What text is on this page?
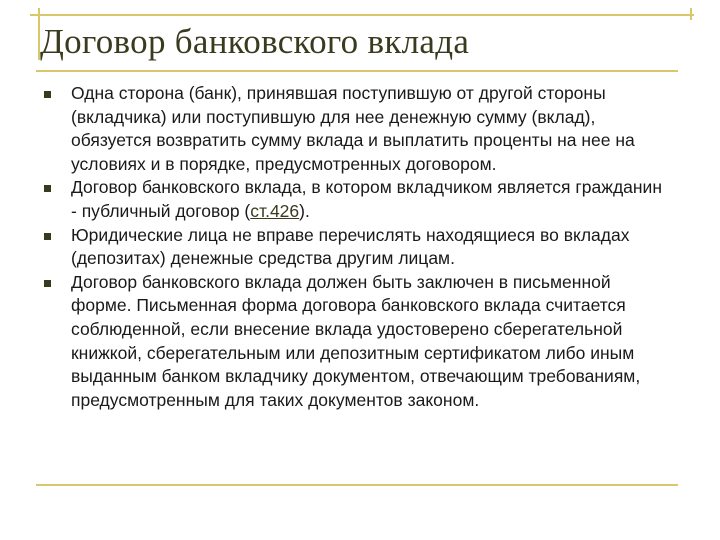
Договор банковского вклада
Одна сторона (банк), принявшая поступившую от другой стороны (вкладчика) или поступившую для нее денежную сумму (вклад), обязуется возвратить сумму вклада и выплатить проценты на нее на условиях и в порядке, предусмотренных договором.
Договор банковского вклада, в котором вкладчиком является гражданин - публичный договор (ст.426).
Юридические лица не вправе перечислять находящиеся во вкладах (депозитах) денежные средства другим лицам.
Договор банковского вклада должен быть заключен в письменной форме. Письменная форма договора банковского вклада считается соблюденной, если внесение вклада удостоверено сберегательной книжкой, сберегательным или депозитным сертификатом либо иным выданным банком вкладчику документом, отвечающим требованиям, предусмотренным для таких документов законом.
